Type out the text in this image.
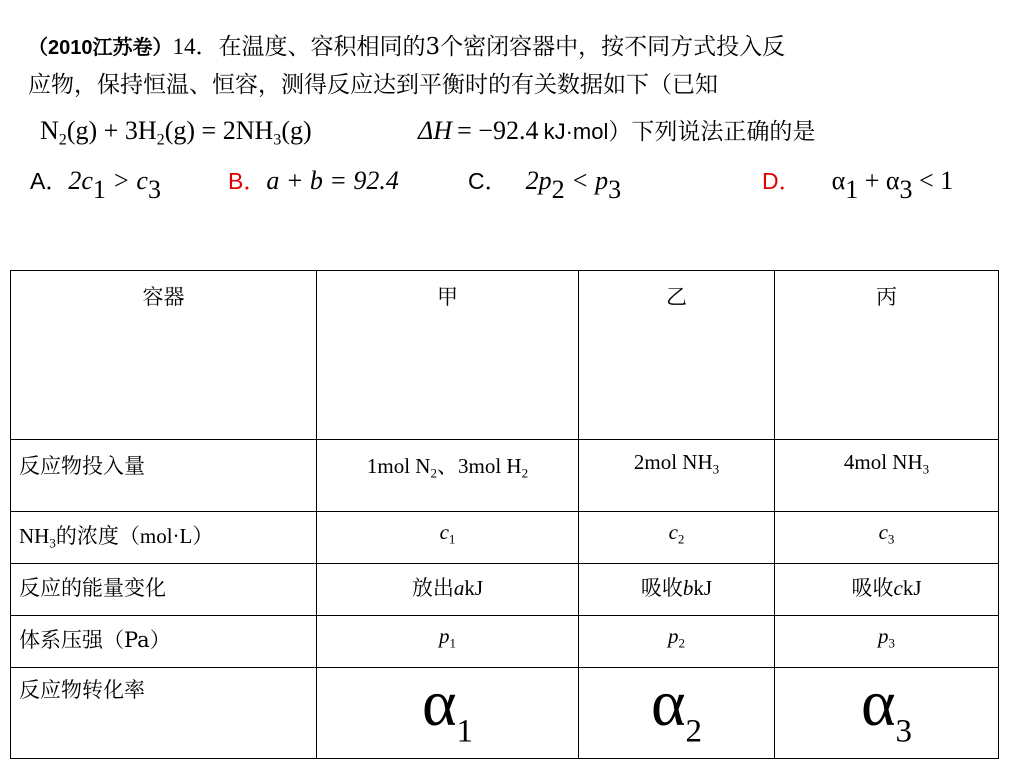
（2010江苏卷）14．在温度、容积相同的3个密闭容器中，按不同方式投入反
应物，保持恒温、恒容，测得反应达到平衡时的有关数据如下（已知
$N_2(g) + 3H_2(g) = 2NH_3(g)$	ΔH = −92.4 kJ·mol）下列说法正确的是
A．$2c_1 > c_3$	B．a + b = 92.4	C． $2p_2 < p_3$	D． $\alpha_1 + \alpha_3 < 1$
容器	甲	乙	丙
反应物投入量	1mol $N_2$、3mol $H_2$	2mol $NH_3$	4mol $NH_3$
$NH_3$的浓度（mol·L）	$c_1$	$c_2$	$c_3$
反应的能量变化	放出akJ	吸收bkJ	吸收ckJ
体系压强（Pa）	$p_1$	$p_2$	$p_3$
反应物转化率	$\alpha_1$	$\alpha_2$	$\alpha_3$
